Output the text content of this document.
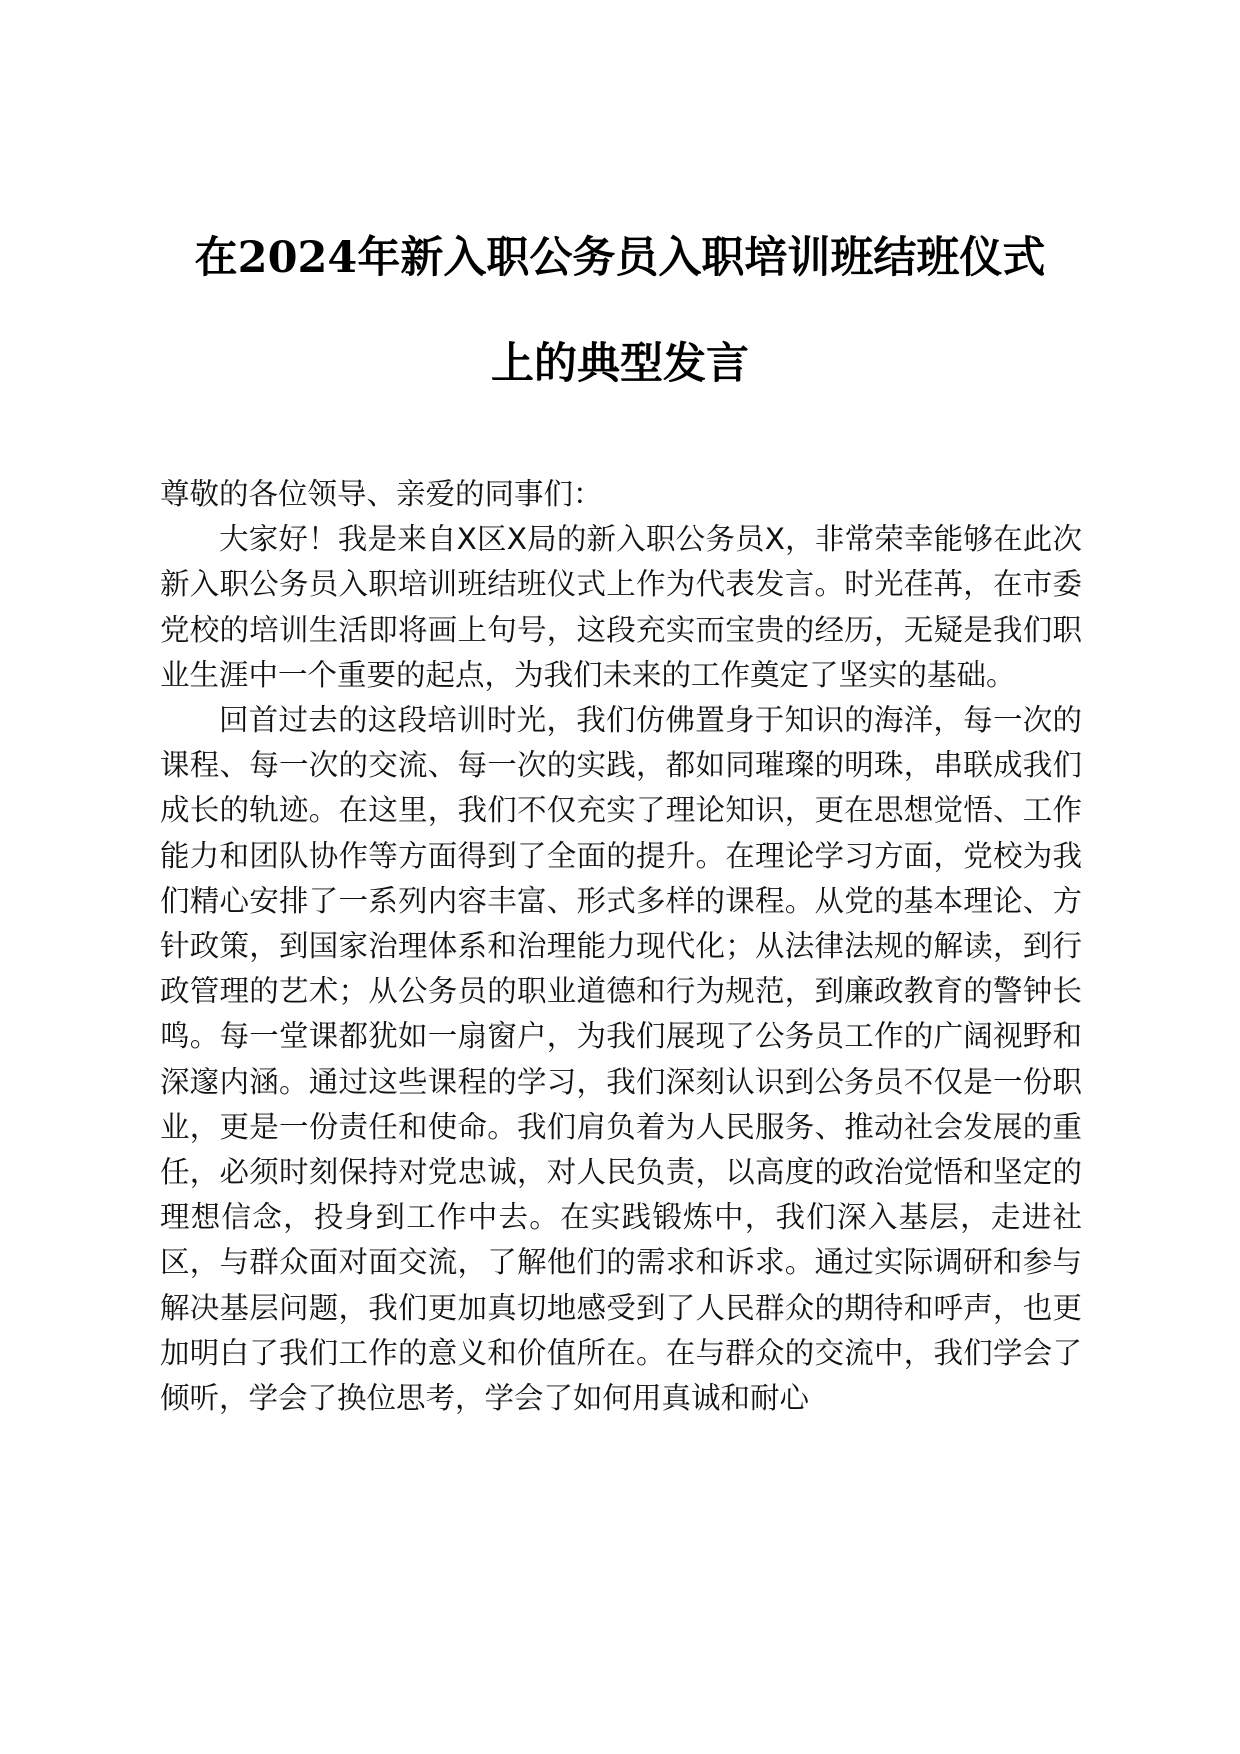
在2024年新入职公务员入职培训班结班仪式
上的典型发言

尊敬的各位领导、亲爱的同事们：

大家好！我是来自X区X局的新入职公务员X，非常荣幸能够在此次新入职公务员入职培训班结班仪式上作为代表发言。时光荏苒，在市委党校的培训生活即将画上句号，这段充实而宝贵的经历，无疑是我们职业生涯中一个重要的起点，为我们未来的工作奠定了坚实的基础。

回首过去的这段培训时光，我们仿佛置身于知识的海洋，每一次的课程、每一次的交流、每一次的实践，都如同璀璨的明珠，串联成我们成长的轨迹。在这里，我们不仅充实了理论知识，更在思想觉悟、工作能力和团队协作等方面得到了全面的提升。在理论学习方面，党校为我们精心安排了一系列内容丰富、形式多样的课程。从党的基本理论、方针政策，到国家治理体系和治理能力现代化；从法律法规的解读，到行政管理的艺术；从公务员的职业道德和行为规范，到廉政教育的警钟长鸣。每一堂课都犹如一扇窗户，为我们展现了公务员工作的广阔视野和深邃内涵。通过这些课程的学习，我们深刻认识到公务员不仅是一份职业，更是一份责任和使命。我们肩负着为人民服务、推动社会发展的重任，必须时刻保持对党忠诚，对人民负责，以高度的政治觉悟和坚定的理想信念，投身到工作中去。在实践锻炼中，我们深入基层，走进社区，与群众面对面交流，了解他们的需求和诉求。通过实际调研和参与解决基层问题，我们更加真切地感受到了人民群众的期待和呼声，也更加明白了我们工作的意义和价值所在。在与群众的交流中，我们学会了倾听，学会了换位思考，学会了如何用真诚和耐心
